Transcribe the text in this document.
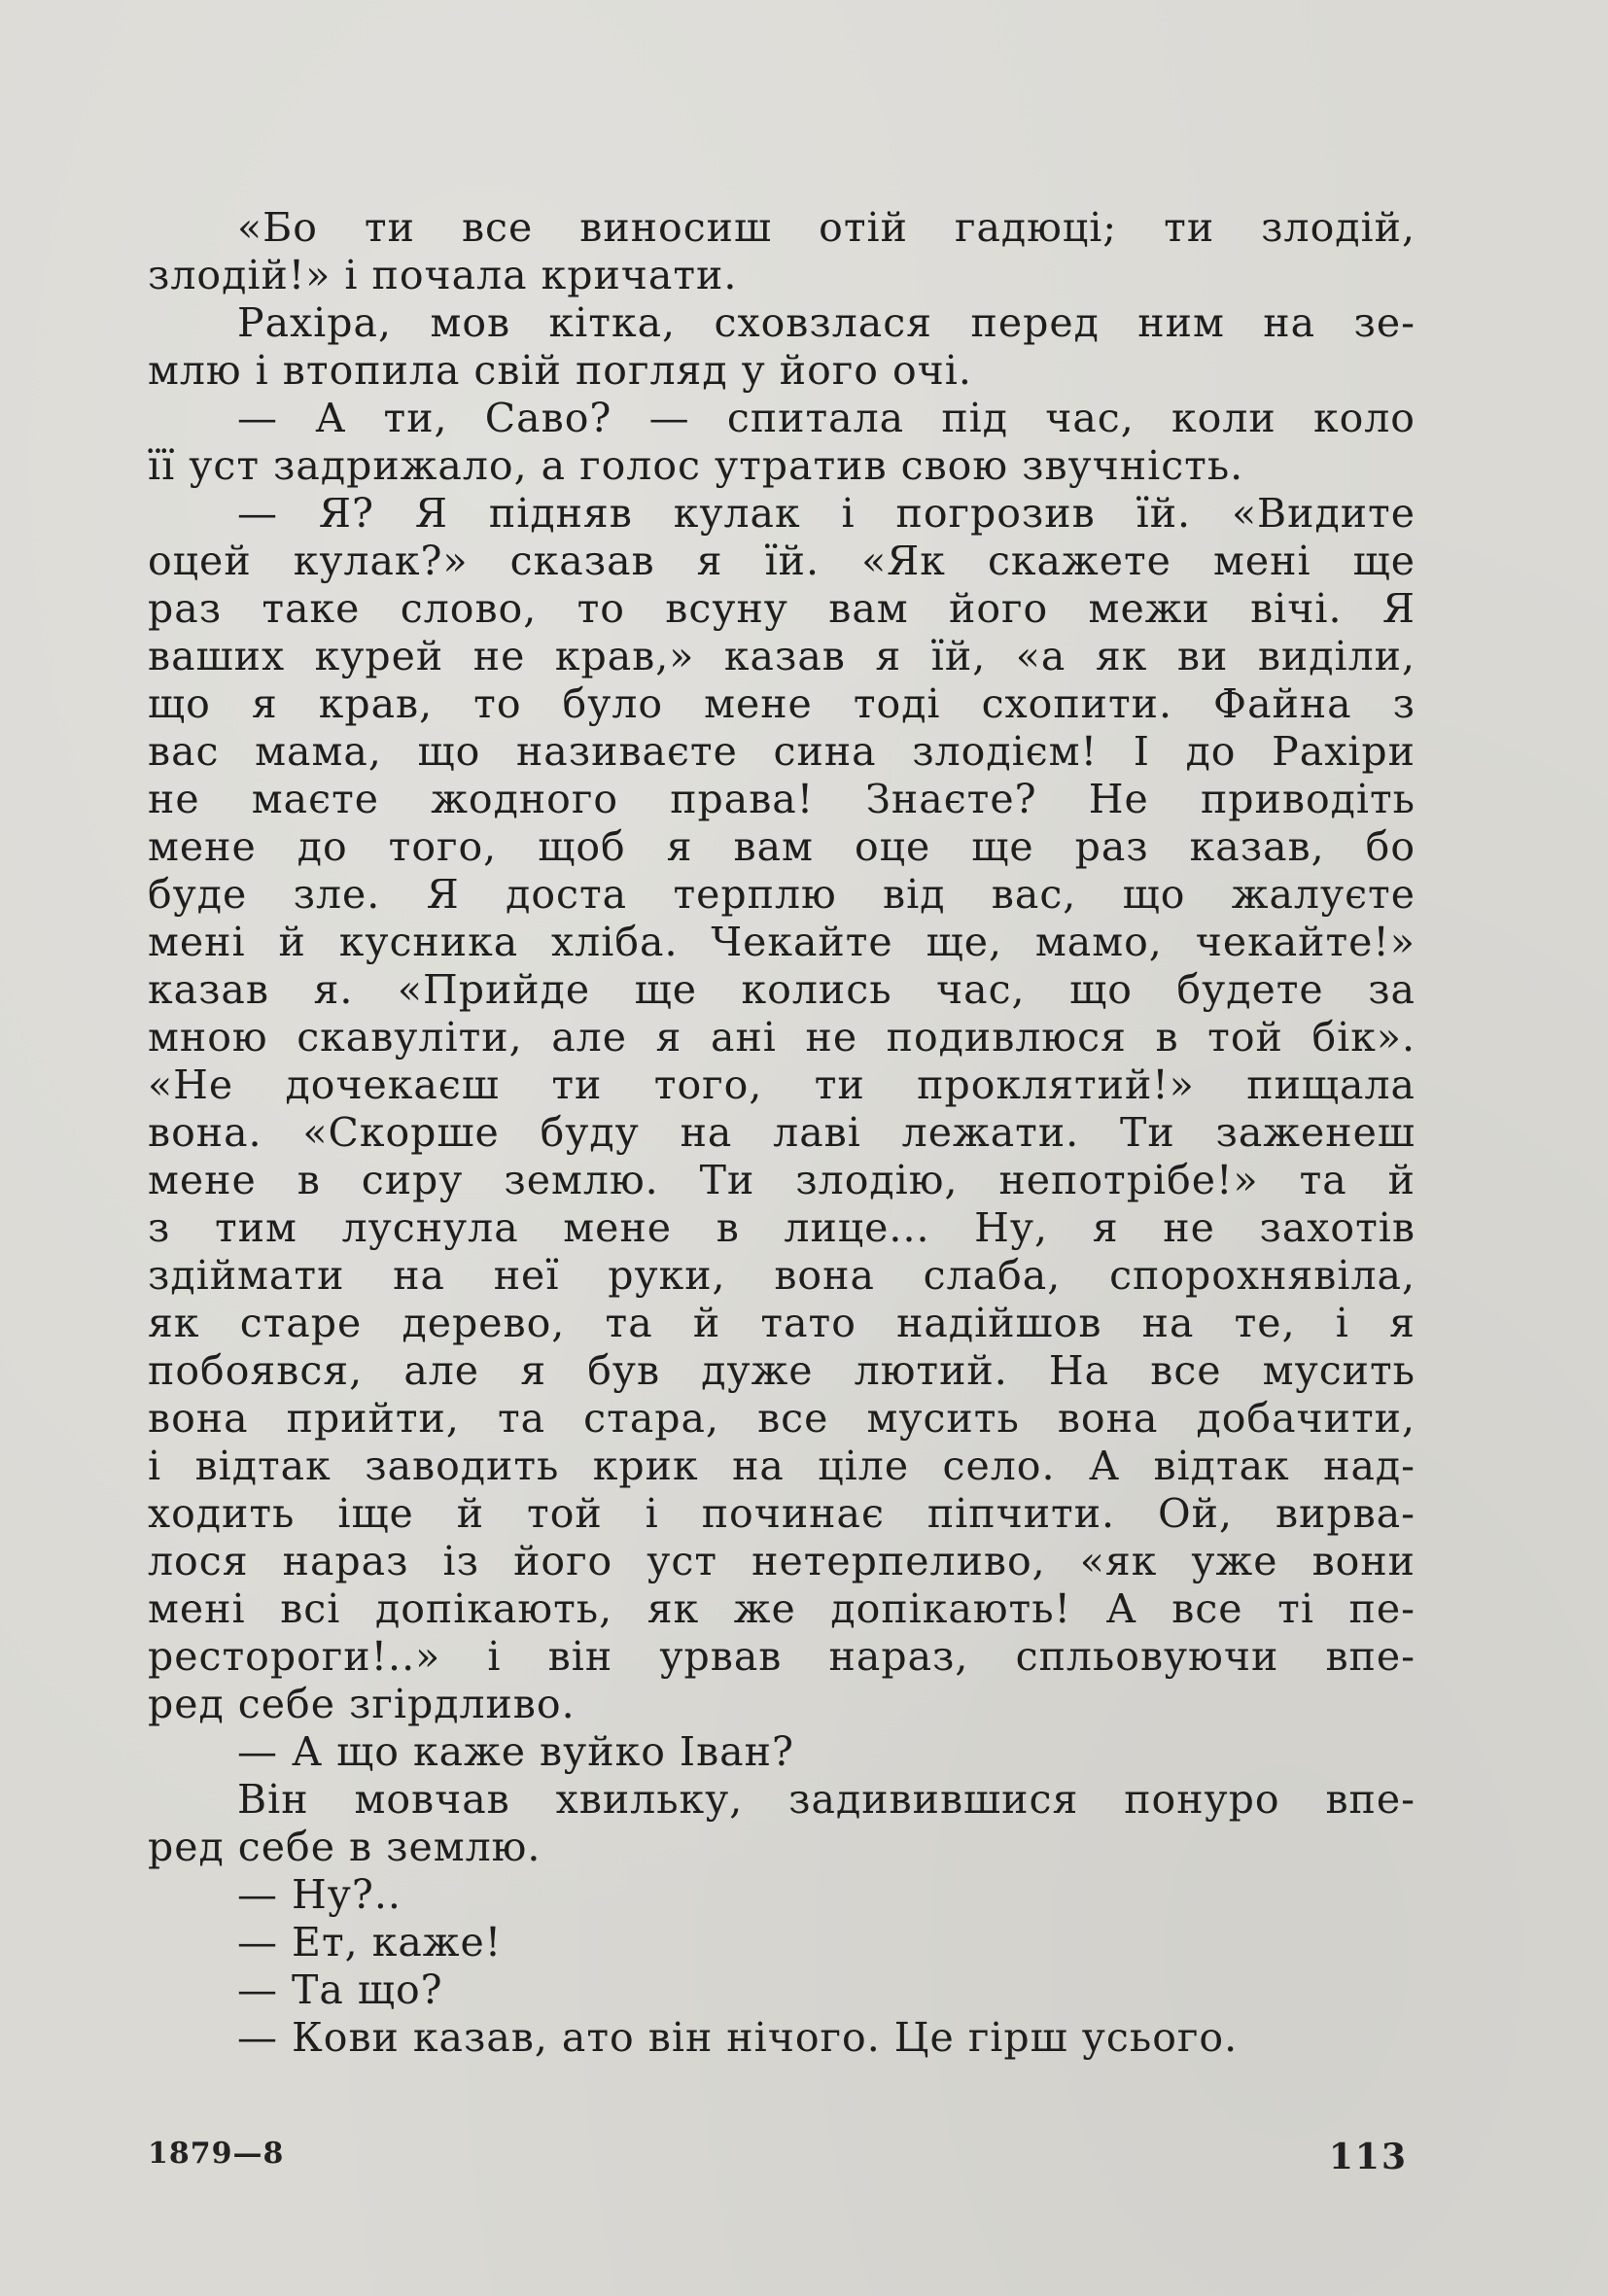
«Бо ти все виносиш отій гадюці; ти злодій,
злодій!» і почала кричати.
Рахіра, мов кітка, сховзлася перед ним на зе-
млю і втопила свій погляд у його очі.
— А ти, Саво? — спитала під час, коли коло
її уст задрижало, а голос утратив свою звучність.
— Я? Я підняв кулак і погрозив їй. «Видите
оцей кулак?» сказав я їй. «Як скажете мені ще
раз таке слово, то всуну вам його межи вічі. Я
ваших курей не крав,» казав я їй, «а як ви виділи,
що я крав, то було мене тоді схопити. Файна з
вас мама, що називаєте сина злодієм! І до Рахіри
не маєте жодного права! Знаєте? Не приводіть
мене до того, щоб я вам оце ще раз казав, бо
буде зле. Я доста терплю від вас, що жалуєте
мені й кусника хліба. Чекайте ще, мамо, чекайте!»
казав я. «Прийде ще колись час, що будете за
мною скавуліти, але я ані не подивлюся в той бік».
«Не дочекаєш ти того, ти проклятий!» пищала
вона. «Скорше буду на лаві лежати. Ти заженеш
мене в сиру землю. Ти злодію, непотрібе!» та й
з тим луснула мене в лице... Ну, я не захотів
здіймати на неї руки, вона слаба, спорохнявіла,
як старе дерево, та й тато надійшов на те, і я
побоявся, але я був дуже лютий. На все мусить
вона прийти, та стара, все мусить вона добачити,
і відтак заводить крик на ціле село. А відтак над-
ходить іще й той і починає піпчити. Ой, вирва-
лося нараз із його уст нетерпеливо, «як уже вони
мені всі допікають, як же допікають! А все ті пе-
рестороги!..» і він урвав нараз, спльовуючи впе-
ред себе згірдливо.
— А що каже вуйко Іван?
Він мовчав хвильку, задивившися понуро впе-
ред себе в землю.
— Ну?..
— Ет, каже!
— Та що?
— Кови казав, ато він нічого. Це гірш усього.
1879—8	113
